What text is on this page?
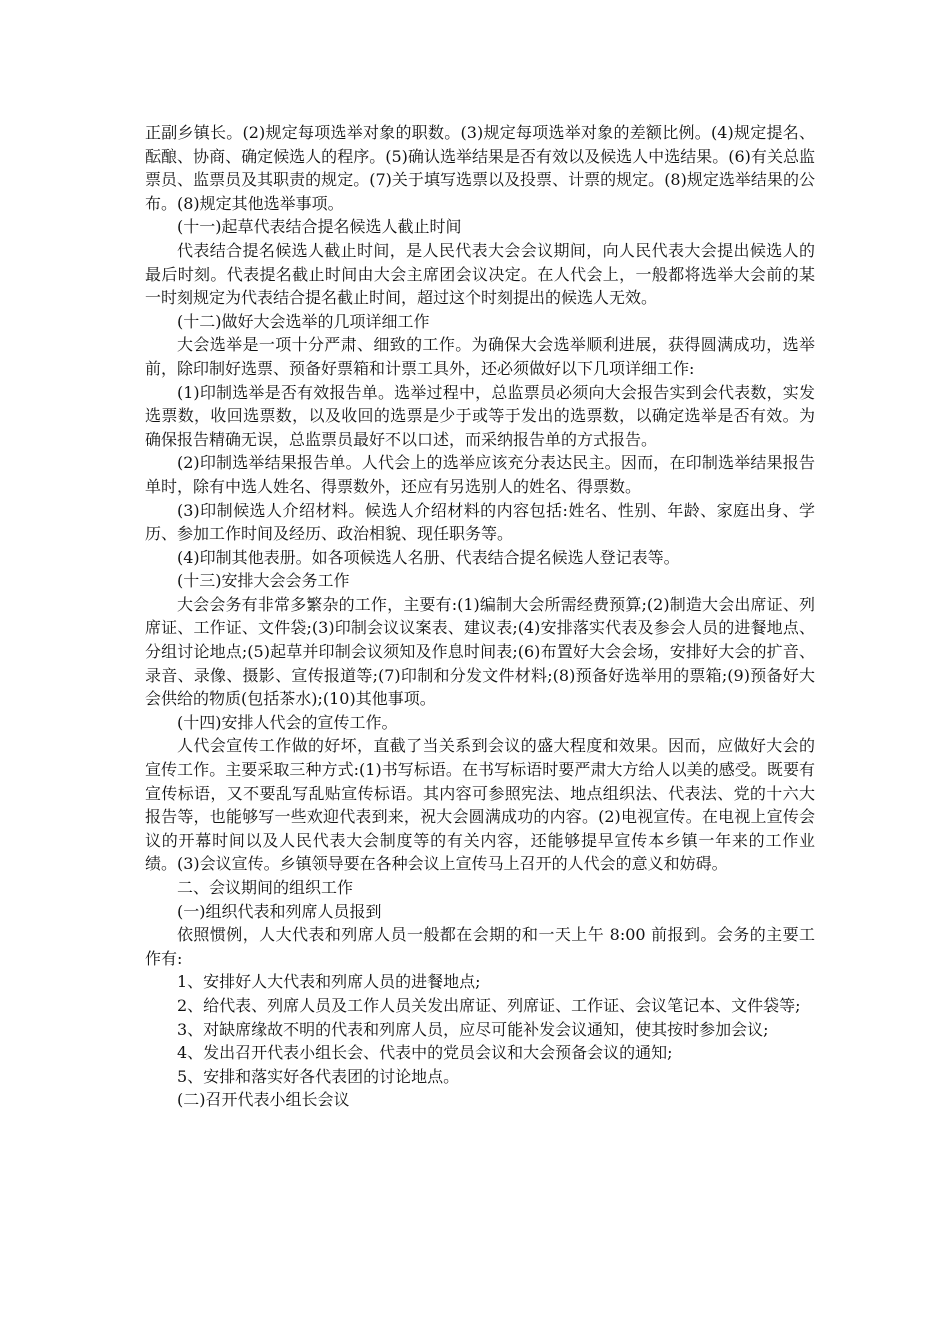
正副乡镇长。(2)规定每项选举对象的职数。(3)规定每项选举对象的差额比例。(4)规定提名、酝酿、协商、确定候选人的程序。(5)确认选举结果是否有效以及候选人中选结果。(6)有关总监票员、监票员及其职责的规定。(7)关于填写选票以及投票、计票的规定。(8)规定选举结果的公布。(8)规定其他选举事项。

(十一)起草代表结合提名候选人截止时间

代表结合提名候选人截止时间，是人民代表大会会议期间，向人民代表大会提出候选人的最后时刻。代表提名截止时间由大会主席团会议决定。在人代会上，一般都将选举大会前的某一时刻规定为代表结合提名截止时间，超过这个时刻提出的候选人无效。

(十二)做好大会选举的几项详细工作

大会选举是一项十分严肃、细致的工作。为确保大会选举顺利进展，获得圆满成功，选举前，除印制好选票、预备好票箱和计票工具外，还必须做好以下几项详细工作:

(1)印制选举是否有效报告单。选举过程中，总监票员必须向大会报告实到会代表数，实发选票数，收回选票数，以及收回的选票是少于或等于发出的选票数，以确定选举是否有效。为确保报告精确无误，总监票员最好不以口述，而采纳报告单的方式报告。

(2)印制选举结果报告单。人代会上的选举应该充分表达民主。因而，在印制选举结果报告单时，除有中选人姓名、得票数外，还应有另选别人的姓名、得票数。

(3)印制候选人介绍材料。候选人介绍材料的内容包括:姓名、性别、年龄、家庭出身、学历、参加工作时间及经历、政治相貌、现任职务等。

(4)印制其他表册。如各项候选人名册、代表结合提名候选人登记表等。

(十三)安排大会会务工作

大会会务有非常多繁杂的工作，主要有:(1)编制大会所需经费预算;(2)制造大会出席证、列席证、工作证、文件袋;(3)印制会议议案表、建议表;(4)安排落实代表及参会人员的进餐地点、分组讨论地点;(5)起草并印制会议须知及作息时间表;(6)布置好大会会场，安排好大会的扩音、录音、录像、摄影、宣传报道等;(7)印制和分发文件材料;(8)预备好选举用的票箱;(9)预备好大会供给的物质(包括茶水);(10)其他事项。

(十四)安排人代会的宣传工作。

人代会宣传工作做的好坏，直截了当关系到会议的盛大程度和效果。因而，应做好大会的宣传工作。主要采取三种方式:(1)书写标语。在书写标语时要严肃大方给人以美的感受。既要有宣传标语，又不要乱写乱贴宣传标语。其内容可参照宪法、地点组织法、代表法、党的十六大报告等，也能够写一些欢迎代表到来，祝大会圆满成功的内容。(2)电视宣传。在电视上宣传会议的开幕时间以及人民代表大会制度等的有关内容，还能够提早宣传本乡镇一年来的工作业绩。(3)会议宣传。乡镇领导要在各种会议上宣传马上召开的人代会的意义和妨碍。

二、会议期间的组织工作

(一)组织代表和列席人员报到

依照惯例，人大代表和列席人员一般都在会期的和一天上午 8:00 前报到。会务的主要工作有:

1、安排好人大代表和列席人员的进餐地点;

2、给代表、列席人员及工作人员关发出席证、列席证、工作证、会议笔记本、文件袋等;

3、对缺席缘故不明的代表和列席人员，应尽可能补发会议通知，使其按时参加会议;

4、发出召开代表小组长会、代表中的党员会议和大会预备会议的通知;

5、安排和落实好各代表团的讨论地点。

(二)召开代表小组长会议
